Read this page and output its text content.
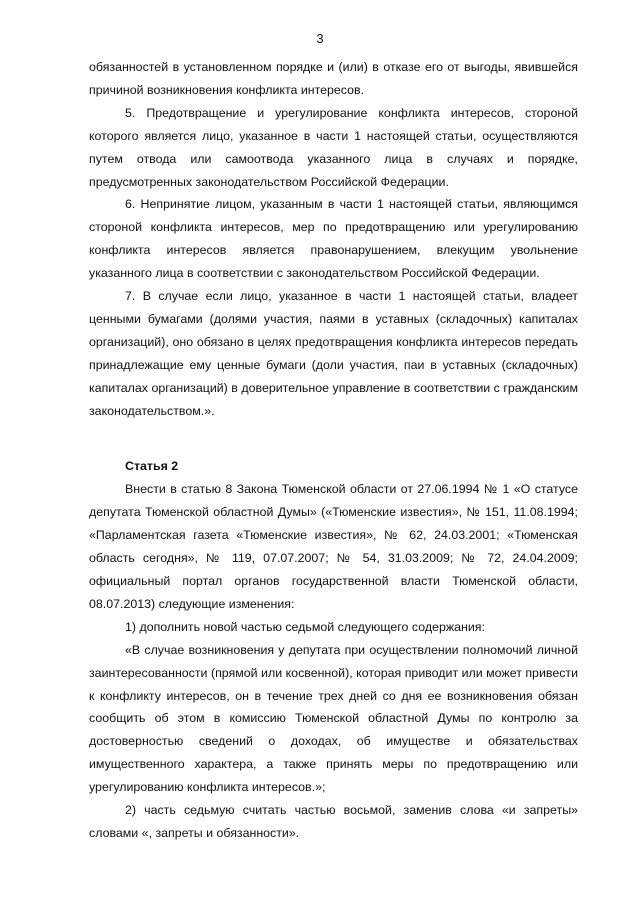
3

обязанностей в установленном порядке и (или) в отказе его от выгоды, явившейся причиной возникновения конфликта интересов.

5. Предотвращение и урегулирование конфликта интересов, стороной которого является лицо, указанное в части 1 настоящей статьи, осуществляются путем отвода или самоотвода указанного лица в случаях и порядке, предусмотренных законодательством Российской Федерации.

6. Непринятие лицом, указанным в части 1 настоящей статьи, являющимся стороной конфликта интересов, мер по предотвращению или урегулированию конфликта интересов является правонарушением, влекущим увольнение указанного лица в соответствии с законодательством Российской Федерации.

7. В случае если лицо, указанное в части 1 настоящей статьи, владеет ценными бумагами (долями участия, паями в уставных (складочных) капиталах организаций), оно обязано в целях предотвращения конфликта интересов передать принадлежащие ему ценные бумаги (доли участия, паи в уставных (складочных) капиталах организаций) в доверительное управление в соответствии с гражданским законодательством.».

Статья 2

Внести в статью 8 Закона Тюменской области от 27.06.1994 № 1 «О статусе депутата Тюменской областной Думы» («Тюменские известия», № 151, 11.08.1994; «Парламентская газета «Тюменские известия», № 62, 24.03.2001; «Тюменская область сегодня», № 119, 07.07.2007; № 54, 31.03.2009; № 72, 24.04.2009; официальный портал органов государственной власти Тюменской области, 08.07.2013) следующие изменения:

1) дополнить новой частью седьмой следующего содержания:

«В случае возникновения у депутата при осуществлении полномочий личной заинтересованности (прямой или косвенной), которая приводит или может привести к конфликту интересов, он в течение трех дней со дня ее возникновения обязан сообщить об этом в комиссию Тюменской областной Думы по контролю за достоверностью сведений о доходах, об имуществе и обязательствах имущественного характера, а также принять меры по предотвращению или урегулированию конфликта интересов.»;

2) часть седьмую считать частью восьмой, заменив слова «и запреты» словами «, запреты и обязанности».
